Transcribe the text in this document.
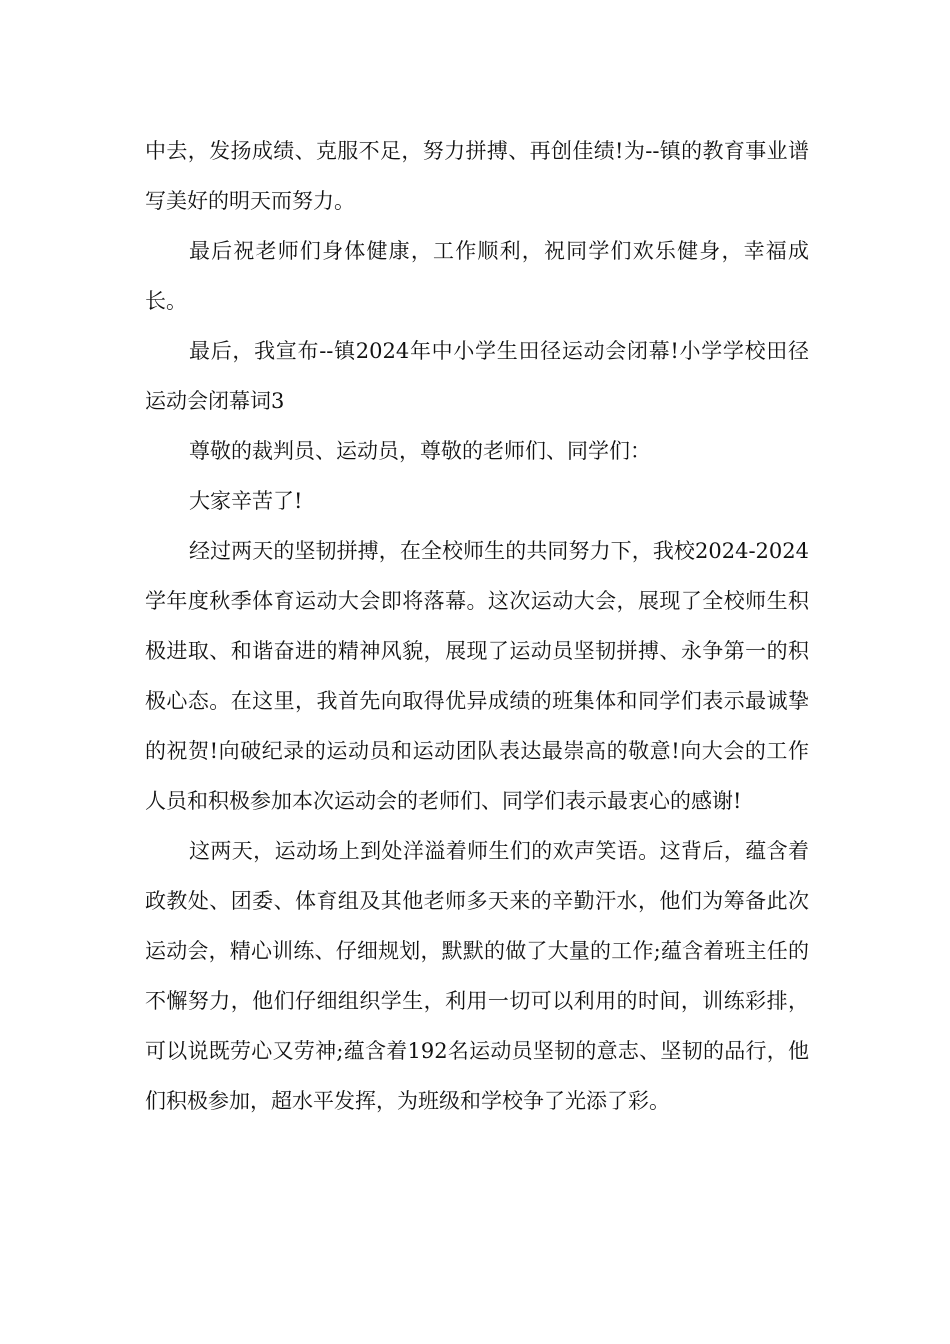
中去，发扬成绩、克服不足，努力拼搏、再创佳绩!为--镇的教育事业谱写美好的明天而努力。

最后祝老师们身体健康，工作顺利，祝同学们欢乐健身，幸福成长。

最后，我宣布--镇2024年中小学生田径运动会闭幕!小学学校田径运动会闭幕词3

尊敬的裁判员、运动员，尊敬的老师们、同学们：

大家辛苦了!

经过两天的坚韧拼搏，在全校师生的共同努力下，我校2024-2024学年度秋季体育运动大会即将落幕。这次运动大会，展现了全校师生积极进取、和谐奋进的精神风貌，展现了运动员坚韧拼搏、永争第一的积极心态。在这里，我首先向取得优异成绩的班集体和同学们表示最诚挚的祝贺!向破纪录的运动员和运动团队表达最崇高的敬意!向大会的工作人员和积极参加本次运动会的老师们、同学们表示最衷心的感谢!

这两天，运动场上到处洋溢着师生们的欢声笑语。这背后，蕴含着政教处、团委、体育组及其他老师多天来的辛勤汗水，他们为筹备此次运动会，精心训练、仔细规划，默默的做了大量的工作;蕴含着班主任的不懈努力，他们仔细组织学生，利用一切可以利用的时间，训练彩排，可以说既劳心又劳神;蕴含着192名运动员坚韧的意志、坚韧的品行，他们积极参加，超水平发挥，为班级和学校争了光添了彩。
